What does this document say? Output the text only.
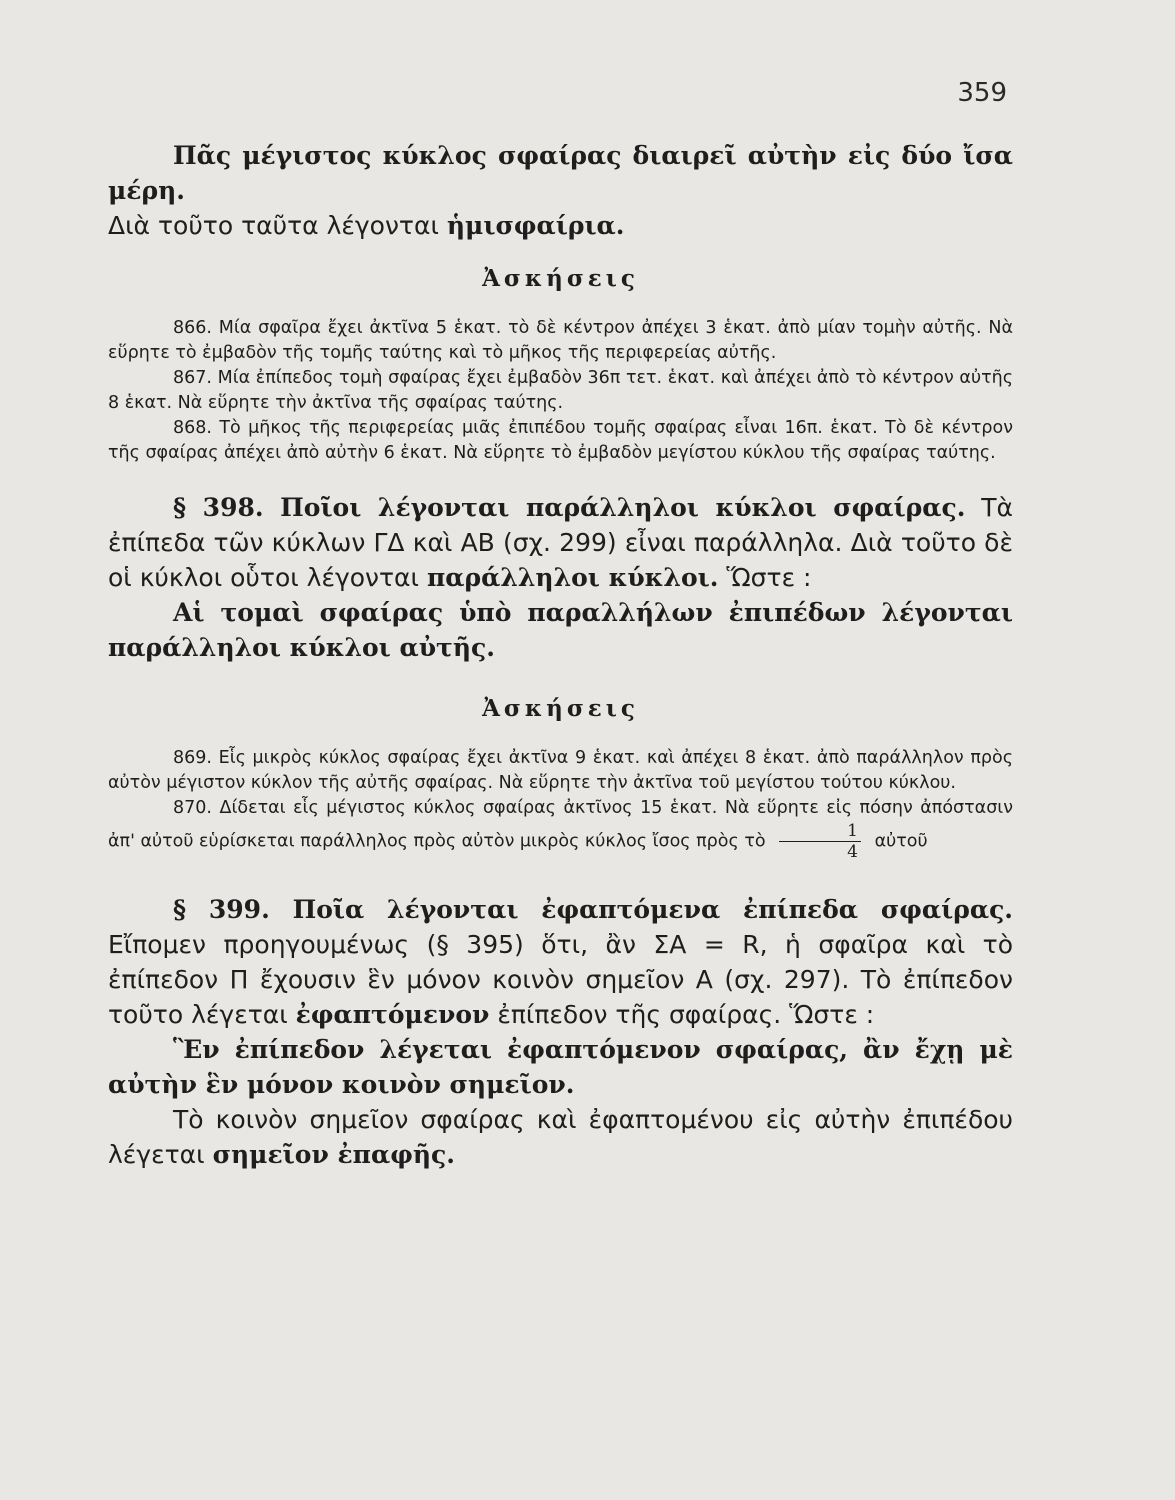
359

Πᾶς μέγιστος κύκλος σφαίρας διαιρεῖ αὐτὴν εἰς δύο ἴσα μέρη.
Διὰ τοῦτο ταῦτα λέγονται ἡμισφαίρια.

Ἀσκήσεις

866. Μία σφαῖρα ἔχει ἀκτῖνα 5 ἑκατ. τὸ δὲ κέντρον ἀπέχει 3 ἑκατ. ἀπὸ μίαν τομὴν αὐτῆς. Νὰ εὕρητε τὸ ἐμβαδὸν τῆς τομῆς ταύτης καὶ τὸ μῆκος τῆς περιφερείας αὐτῆς.

867. Μία ἐπίπεδος τομὴ σφαίρας ἔχει ἐμβαδὸν 36π τετ. ἑκατ. καὶ ἀπέχει ἀπὸ τὸ κέντρον αὐτῆς 8 ἑκατ. Νὰ εὕρητε τὴν ἀκτῖνα τῆς σφαίρας ταύτης.

868. Τὸ μῆκος τῆς περιφερείας μιᾶς ἐπιπέδου τομῆς σφαίρας εἶναι 16π. ἑκατ. Τὸ δὲ κέντρον τῆς σφαίρας ἀπέχει ἀπὸ αὐτὴν 6 ἑκατ. Νὰ εὕρητε τὸ ἐμβαδὸν μεγίστου κύκλου τῆς σφαίρας ταύτης.

§ 398. Ποῖοι λέγονται παράλληλοι κύκλοι σφαίρας. Τὰ ἐπίπεδα τῶν κύκλων ΓΔ καὶ ΑΒ (σχ. 299) εἶναι παράλληλα. Διὰ τοῦτο δὲ οἱ κύκλοι οὗτοι λέγονται παράλληλοι κύκλοι. Ὥστε :

Αἱ τομαὶ σφαίρας ὑπὸ παραλλήλων ἐπιπέδων λέγονται παράλληλοι κύκλοι αὐτῆς.

Ἀσκήσεις

869. Εἷς μικρὸς κύκλος σφαίρας ἔχει ἀκτῖνα 9 ἑκατ. καὶ ἀπέχει 8 ἑκατ. ἀπὸ παράλληλον πρὸς αὐτὸν μέγιστον κύκλον τῆς αὐτῆς σφαίρας. Νὰ εὕρητε τὴν ἀκτῖνα τοῦ μεγίστου τούτου κύκλου.

870. Δίδεται εἷς μέγιστος κύκλος σφαίρας ἀκτῖνος 15 ἑκατ. Νὰ εὕρητε εἰς πόσην ἀπόστασιν ἀπ' αὐτοῦ εὑρίσκεται παράλληλος πρὸς αὐτὸν μικρὸς κύκλος ἴσος πρὸς τὸ $\frac{1}{4}$ αὐτοῦ

§ 399. Ποῖα λέγονται ἐφαπτόμενα ἐπίπεδα σφαίρας. Εἴπομεν προηγουμένως (§ 395) ὅτι, ἂν ΣΑ = R, ἡ σφαῖρα καὶ τὸ ἐπίπεδον Π ἔχουσιν ἓν μόνον κοινὸν σημεῖον Α (σχ. 297). Τὸ ἐπίπεδον τοῦτο λέγεται ἐφαπτόμενον ἐπίπεδον τῆς σφαίρας. Ὥστε :

Ἓν ἐπίπεδον λέγεται ἐφαπτόμενον σφαίρας, ἂν ἔχῃ μὲ αὐτὴν ἓν μόνον κοινὸν σημεῖον.

Τὸ κοινὸν σημεῖον σφαίρας καὶ ἐφαπτομένου εἰς αὐτὴν ἐπιπέδου λέγεται σημεῖον ἐπαφῆς.
